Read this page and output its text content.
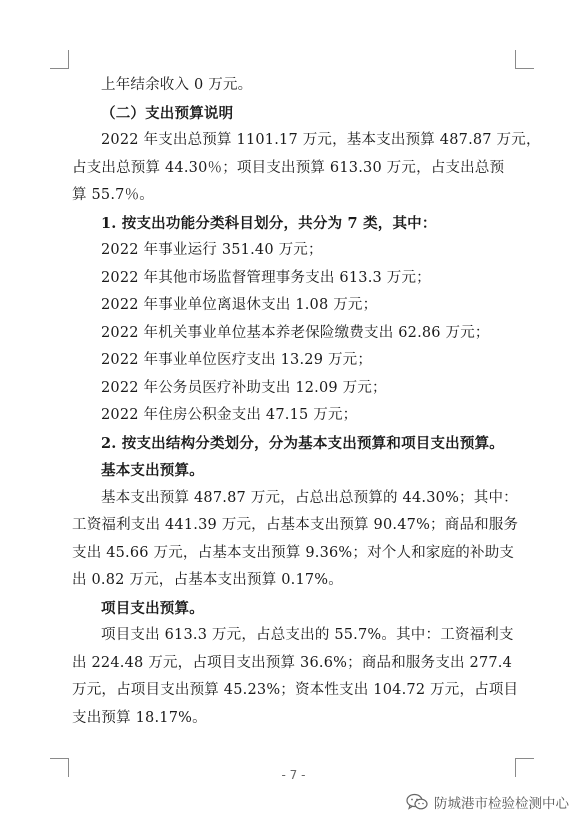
上年结余收入 0 万元。
（二）支出预算说明
2022 年支出总预算 1101.17 万元，基本支出预算 487.87 万元，
占支出总预算 44.30％；项目支出预算 613.30 万元，占支出总预
算 55.7％。
1. 按支出功能分类科目划分，共分为 7 类，其中：
2022 年事业运行 351.40 万元；
2022 年其他市场监督管理事务支出 613.3 万元；
2022 年事业单位离退休支出 1.08 万元；
2022 年机关事业单位基本养老保险缴费支出 62.86 万元；
2022 年事业单位医疗支出 13.29 万元；
2022 年公务员医疗补助支出 12.09 万元；
2022 年住房公积金支出 47.15 万元；
2. 按支出结构分类划分，分为基本支出预算和项目支出预算。
基本支出预算。
基本支出预算 487.87 万元，占总出总预算的 44.30%；其中：
工资福利支出 441.39 万元，占基本支出预算 90.47%；商品和服务
支出 45.66 万元，占基本支出预算 9.36%；对个人和家庭的补助支
出 0.82 万元，占基本支出预算 0.17%。
项目支出预算。
项目支出 613.3 万元，占总支出的 55.7%。其中：工资福利支
出 224.48 万元，占项目支出预算 36.6%；商品和服务支出 277.4
万元，占项目支出预算 45.23%；资本性支出 104.72 万元，占项目
支出预算 18.17%。
- 7 -
防城港市检验检测中心
